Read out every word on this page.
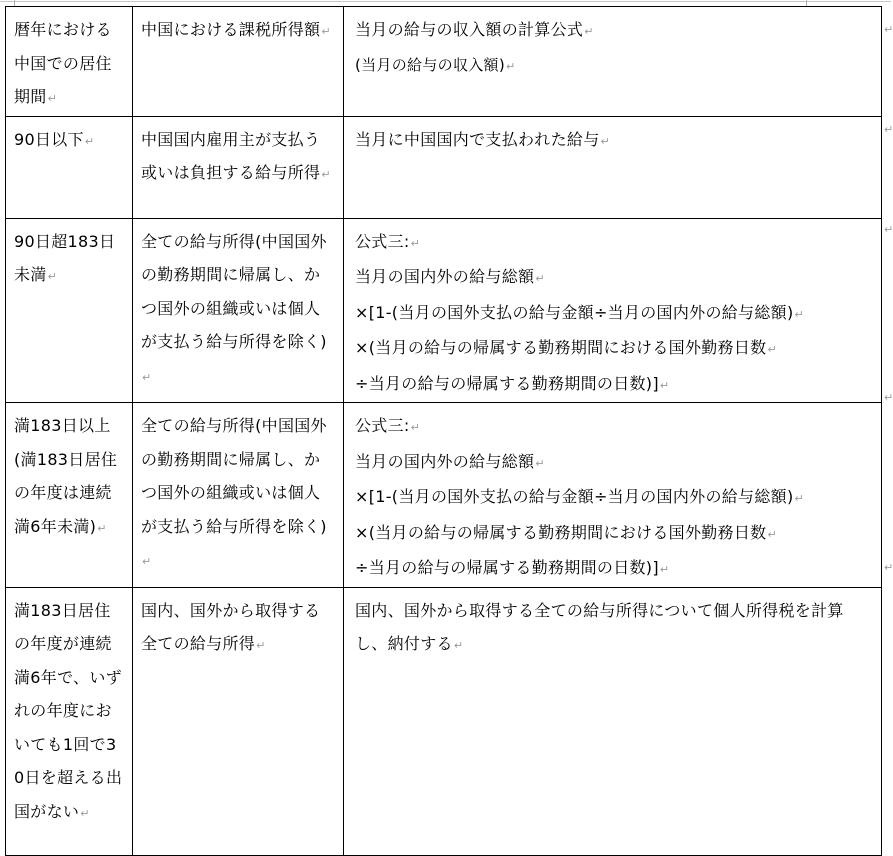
暦年における中国での居住期間↵	中国における課税所得額↵	当月の給与の収入額の計算公式↵
(当月の給与の収入額)↵

90日以下↵	中国国内雇用主が支払う或いは負担する給与所得↵	当月に中国国内で支払われた給与↵

90日超183日未満↵	全ての給与所得(中国国外の勤務期間に帰属し、かつ国外の組織或いは個人が支払う給与所得を除く)↵	公式三:↵
当月の国内外の給与総額↵
×[1-(当月の国外支払の給与金額÷当月の国内外の給与総額)↵
×(当月の給与の帰属する勤務期間における国外勤務日数↵
÷当月の給与の帰属する勤務期間の日数)]↵

満183日以上(満183日居住の年度は連続満6年未満)↵	全ての給与所得(中国国外の勤務期間に帰属し、かつ国外の組織或いは個人が支払う給与所得を除く)↵	公式三:↵
当月の国内外の給与総額↵
×[1-(当月の国外支払の給与金額÷当月の国内外の給与総額)↵
×(当月の給与の帰属する勤務期間における国外勤務日数↵
÷当月の給与の帰属する勤務期間の日数)]↵

満183日居住の年度が連続満6年で、いずれの年度においても1回で30日を超える出国がない↵	国内、国外から取得する全ての給与所得↵	国内、国外から取得する全ての給与所得について個人所得税を計算し、納付する↵
↵
↵
↵
↵
↵
